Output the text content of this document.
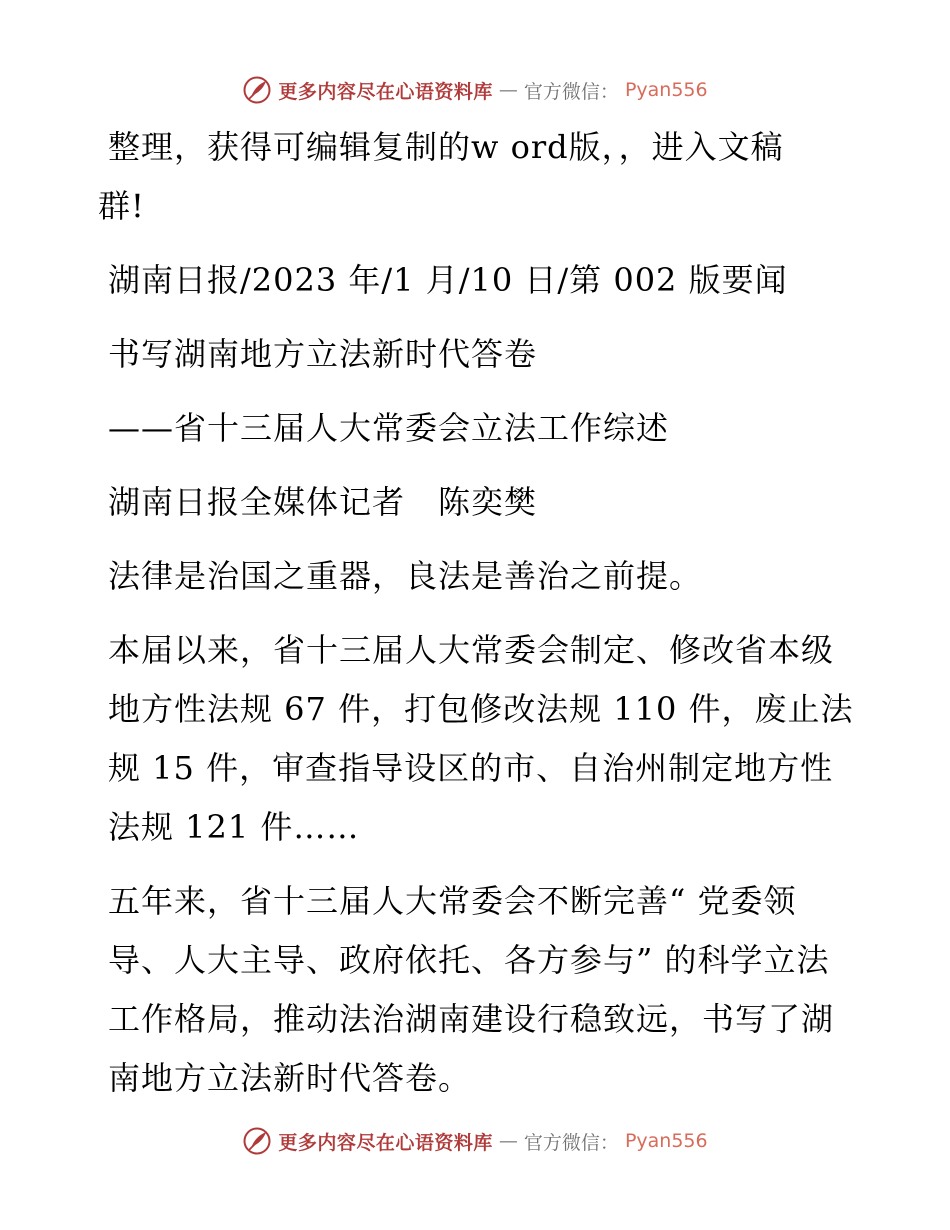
更多内容尽在心语资料库 — 官方微信： Pyan556

整理，获得可编辑复制的w ord版，，进入文稿

群!

湖南日报/2023 年/1 月/10 日/第 002 版要闻

书写湖南地方立法新时代答卷

——省十三届人大常委会立法工作综述

湖南日报全媒体记者　陈奕樊

法律是治国之重器，良法是善治之前提。

本届以来，省十三届人大常委会制定、修改省本级地方性法规 67 件，打包修改法规 110 件，废止法规 15 件，审查指导设区的市、自治州制定地方性法规 121 件……

五年来，省十三届人大常委会不断完善“ 党委领导、人大主导、政府依托、各方参与” 的科学立法工作格局，推动法治湖南建设行稳致远，书写了湖南地方立法新时代答卷。

更多内容尽在心语资料库 — 官方微信： Pyan556
